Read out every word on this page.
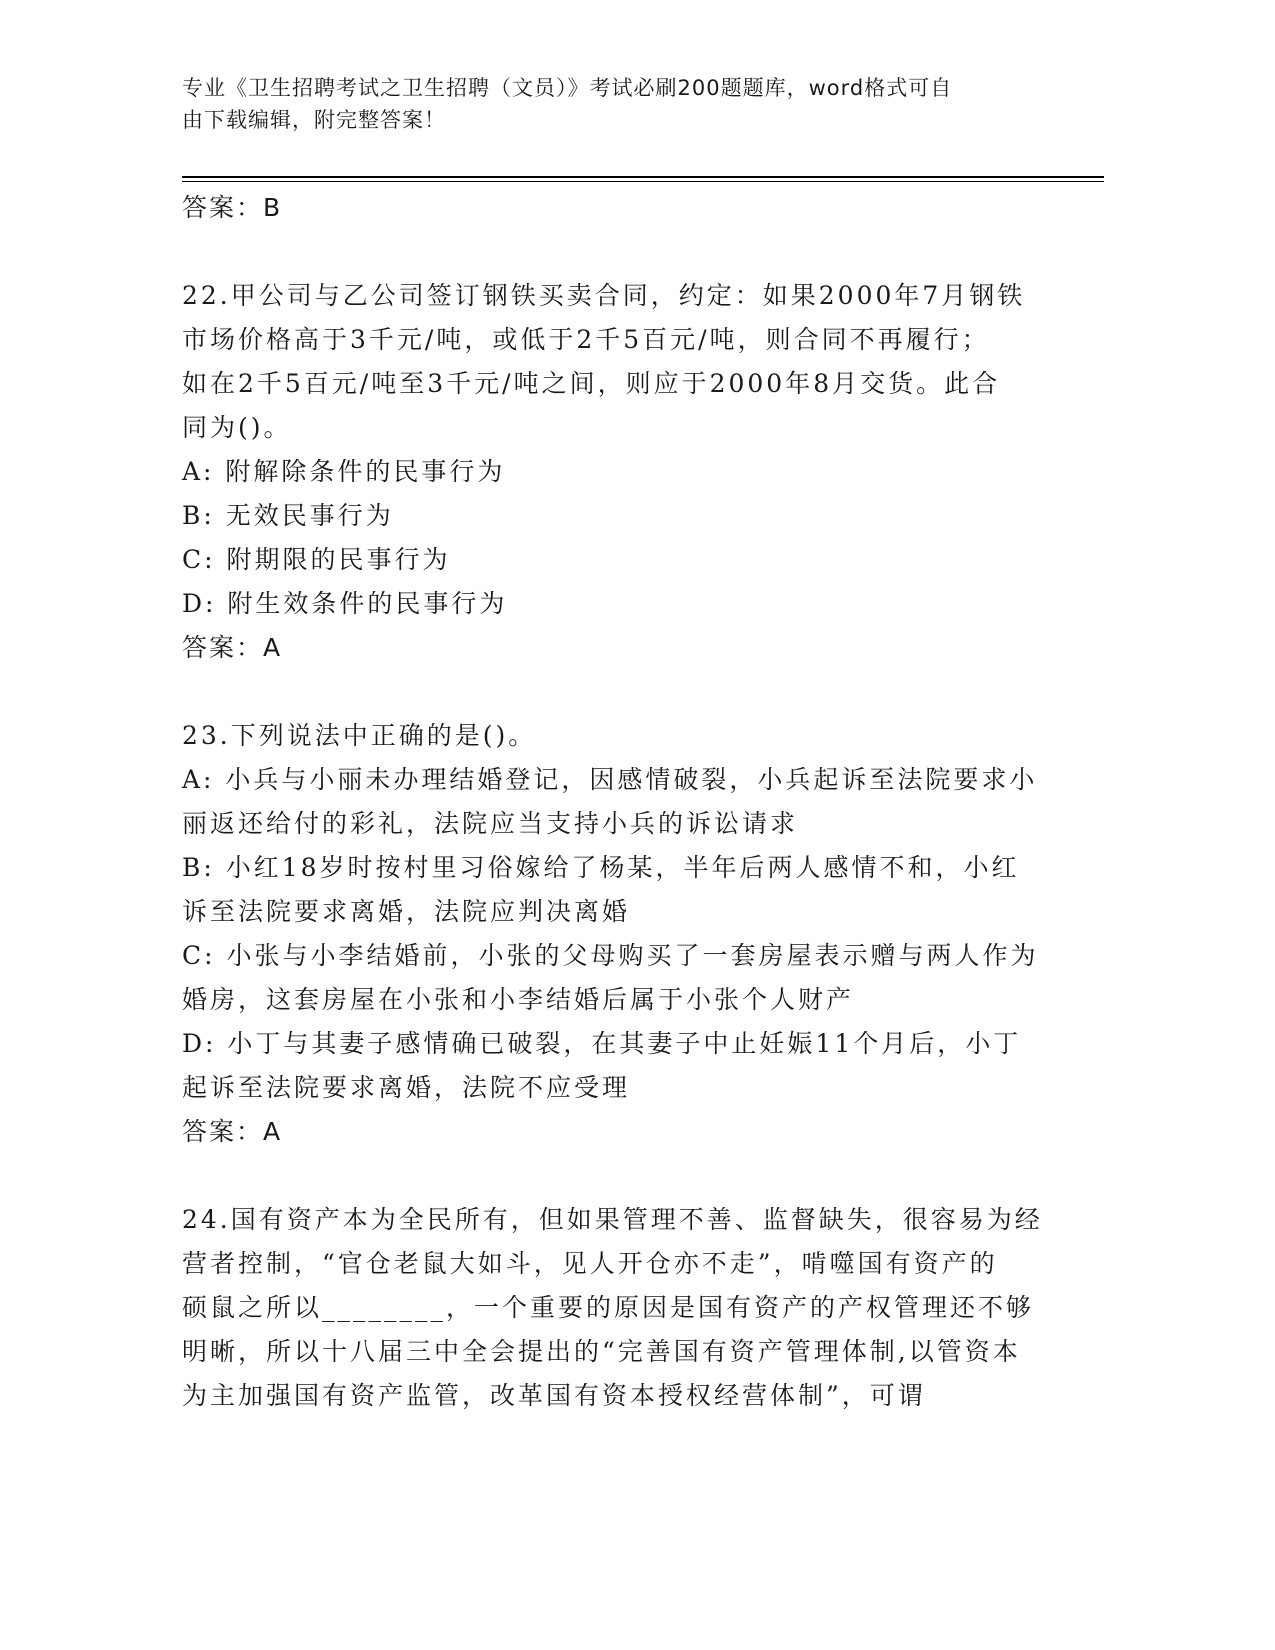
专业《卫生招聘考试之卫生招聘（文员）》考试必刷200题题库，word格式可自
由下载编辑，附完整答案！
答案：B
22.甲公司与乙公司签订钢铁买卖合同，约定：如果2000年7月钢铁
市场价格高于3千元/吨，或低于2千5百元/吨，则合同不再履行；
如在2千5百元/吨至3千元/吨之间，则应于2000年8月交货。此合
同为()。
A: 附解除条件的民事行为
B: 无效民事行为
C: 附期限的民事行为
D: 附生效条件的民事行为
答案：A
23.下列说法中正确的是()。
A: 小兵与小丽未办理结婚登记，因感情破裂，小兵起诉至法院要求小
丽返还给付的彩礼，法院应当支持小兵的诉讼请求
B: 小红18岁时按村里习俗嫁给了杨某，半年后两人感情不和，小红
诉至法院要求离婚，法院应判决离婚
C: 小张与小李结婚前，小张的父母购买了一套房屋表示赠与两人作为
婚房，这套房屋在小张和小李结婚后属于小张个人财产
D: 小丁与其妻子感情确已破裂，在其妻子中止妊娠11个月后，小丁
起诉至法院要求离婚，法院不应受理
答案：A
24.国有资产本为全民所有，但如果管理不善、监督缺失，很容易为经
营者控制，“官仓老鼠大如斗，见人开仓亦不走”，啃噬国有资产的
硕鼠之所以________，一个重要的原因是国有资产的产权管理还不够
明晰，所以十八届三中全会提出的“完善国有资产管理体制,以管资本
为主加强国有资产监管，改革国有资本授权经营体制”，可谓
